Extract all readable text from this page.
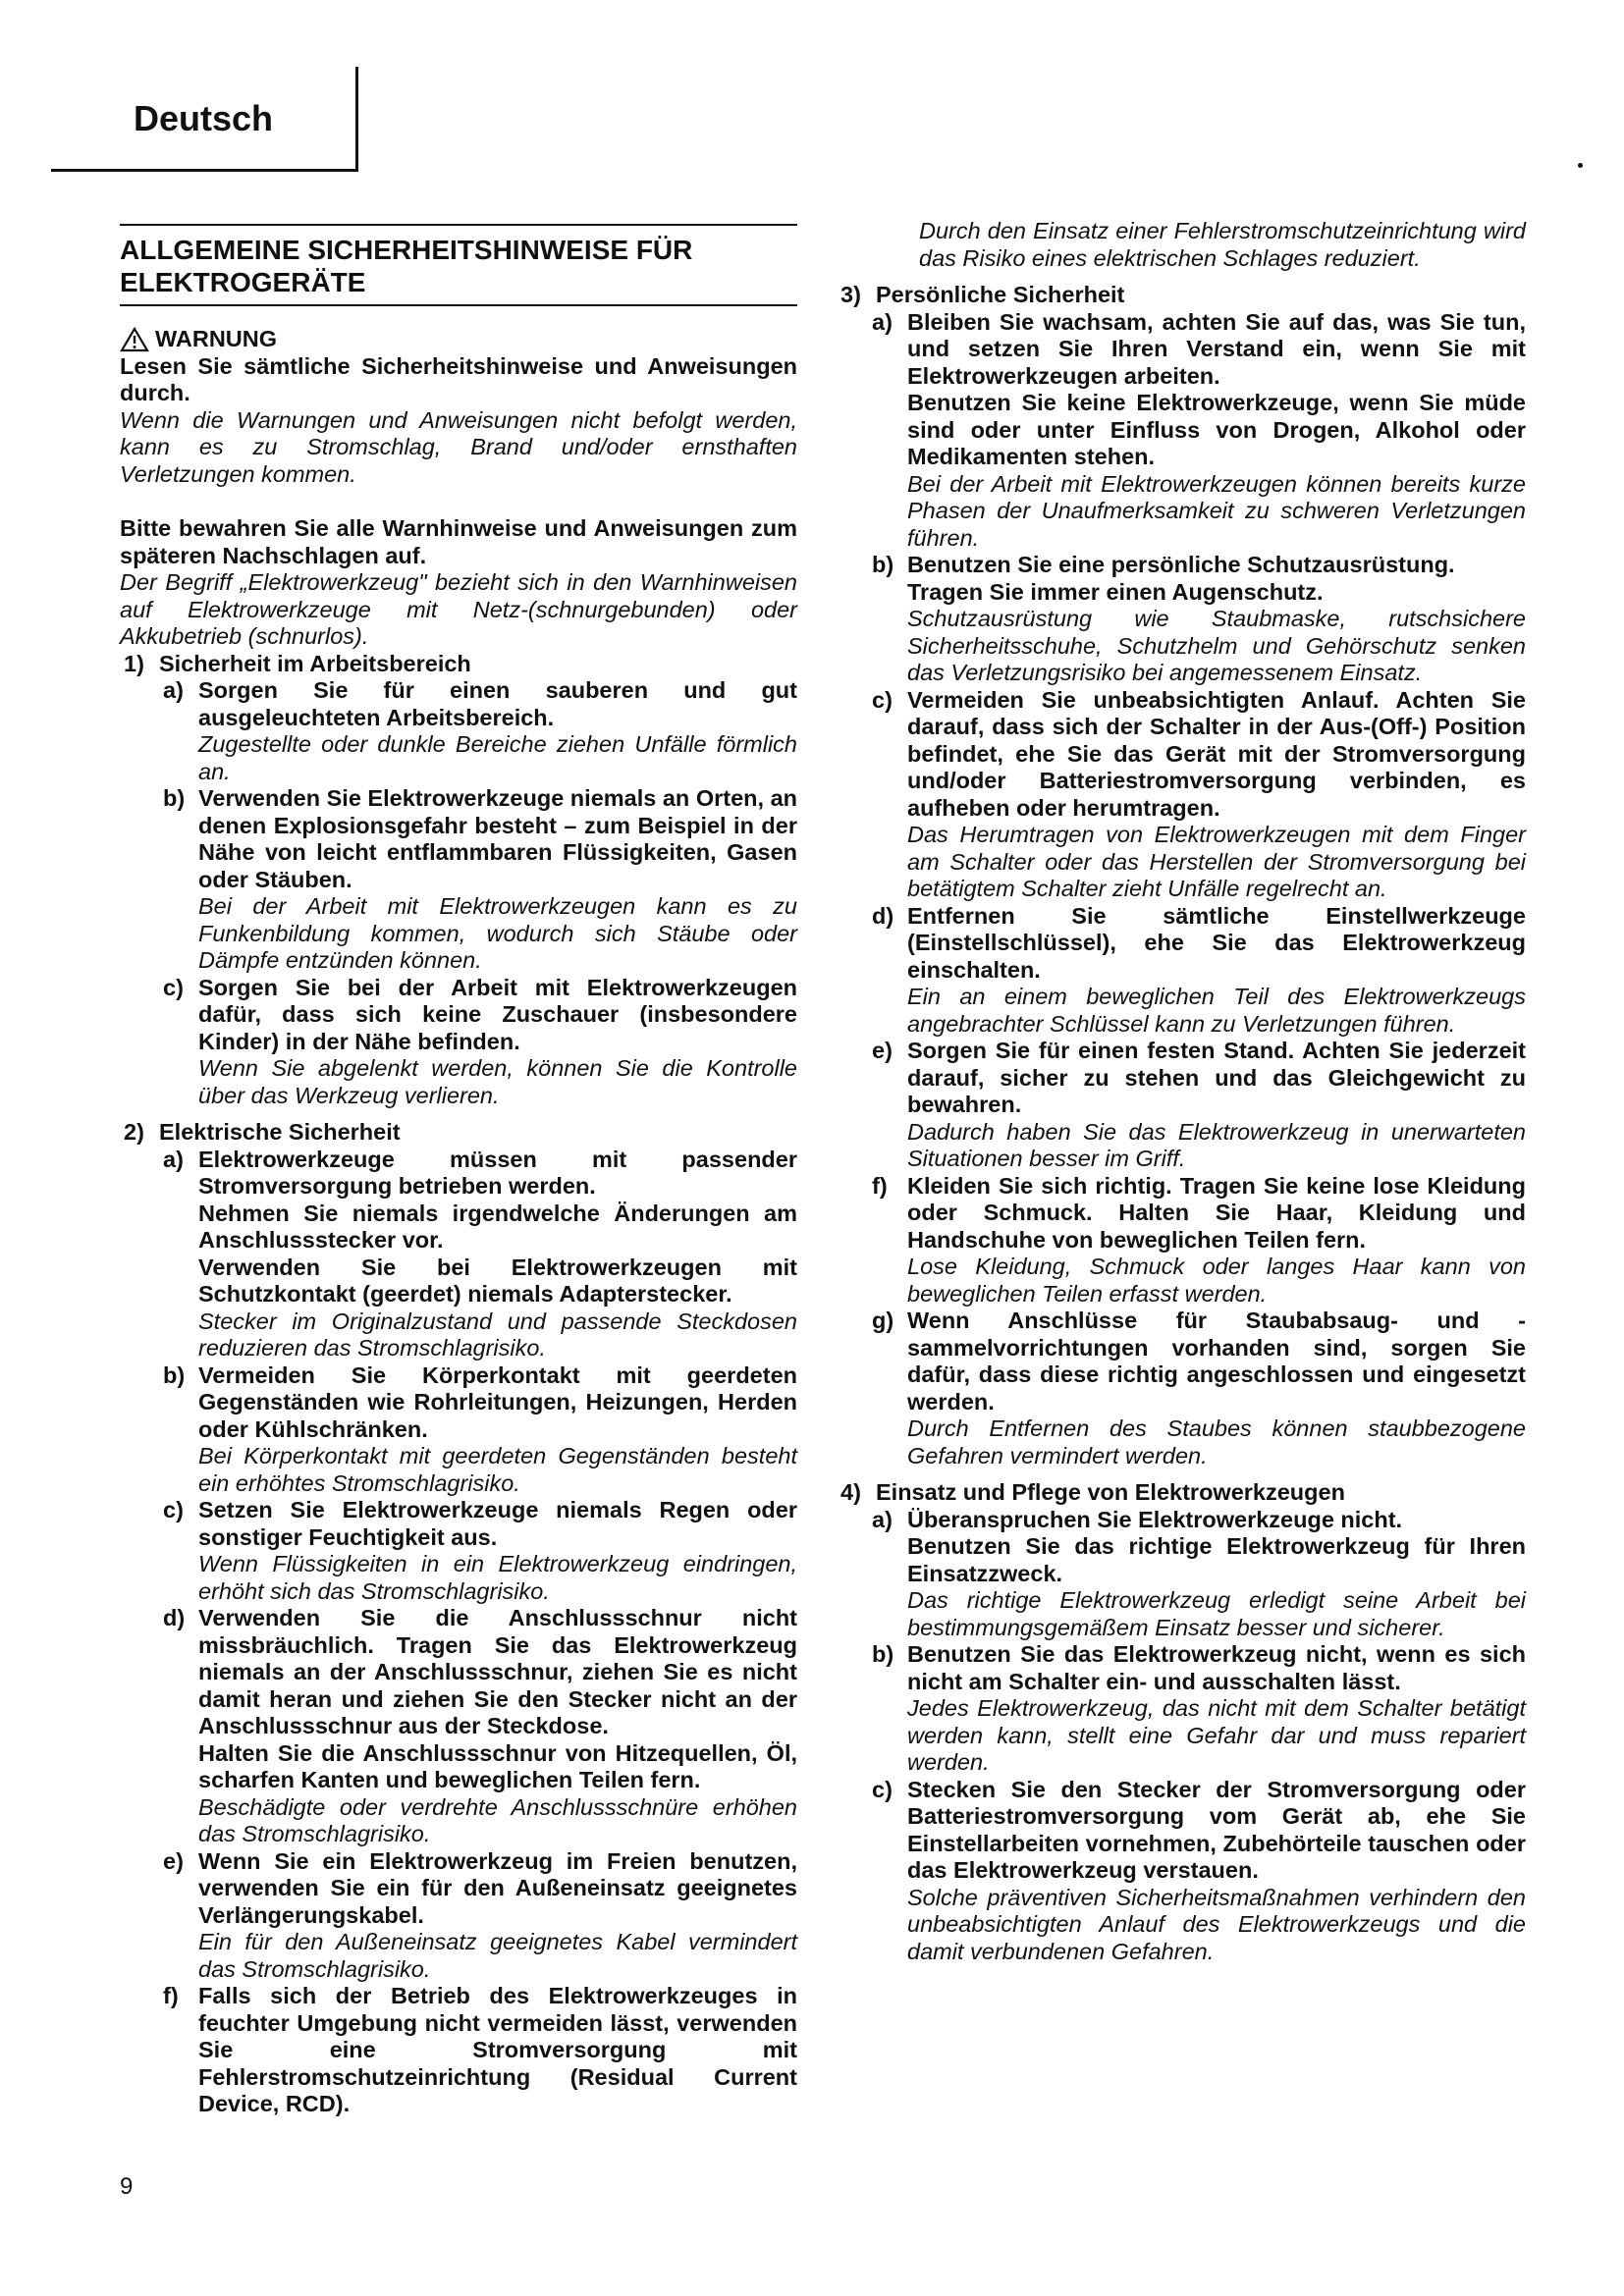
Deutsch
ALLGEMEINE SICHERHEITSHINWEISE FÜR
ELEKTROGERÄTE
WARNUNG
Lesen Sie sämtliche Sicherheitshinweise und Anweisungen durch.
Wenn die Warnungen und Anweisungen nicht befolgt werden, kann es zu Stromschlag, Brand und/oder ernsthaften Verletzungen kommen.
Bitte bewahren Sie alle Warnhinweise und Anweisungen zum späteren Nachschlagen auf.
Der Begriff „Elektrowerkzeug" bezieht sich in den Warnhinweisen auf Elektrowerkzeuge mit Netz-(schnurgebunden) oder Akkubetrieb (schnurlos).
1) Sicherheit im Arbeitsbereich
a) Sorgen Sie für einen sauberen und gut ausgeleuchteten Arbeitsbereich.
Zugestellte oder dunkle Bereiche ziehen Unfälle förmlich an.
b) Verwenden Sie Elektrowerkzeuge niemals an Orten, an denen Explosionsgefahr besteht – zum Beispiel in der Nähe von leicht entflammbaren Flüssigkeiten, Gasen oder Stäuben.
Bei der Arbeit mit Elektrowerkzeugen kann es zu Funkenbildung kommen, wodurch sich Stäube oder Dämpfe entzünden können.
c) Sorgen Sie bei der Arbeit mit Elektrowerkzeugen dafür, dass sich keine Zuschauer (insbesondere Kinder) in der Nähe befinden.
Wenn Sie abgelenkt werden, können Sie die Kontrolle über das Werkzeug verlieren.
2) Elektrische Sicherheit
a) Elektrowerkzeuge müssen mit passender Stromversorgung betrieben werden.
Nehmen Sie niemals irgendwelche Änderungen am Anschlussstecker vor.
Verwenden Sie bei Elektrowerkzeugen mit Schutzkontakt (geerdet) niemals Adapterstecker.
Stecker im Originalzustand und passende Steckdosen reduzieren das Stromschlagrisiko.
b) Vermeiden Sie Körperkontakt mit geerdeten Gegenständen wie Rohrleitungen, Heizungen, Herden oder Kühlschränken.
Bei Körperkontakt mit geerdeten Gegenständen besteht ein erhöhtes Stromschlagrisiko.
c) Setzen Sie Elektrowerkzeuge niemals Regen oder sonstiger Feuchtigkeit aus.
Wenn Flüssigkeiten in ein Elektrowerkzeug eindringen, erhöht sich das Stromschlagrisiko.
d) Verwenden Sie die Anschlussschnur nicht missbräuchlich. Tragen Sie das Elektrowerkzeug niemals an der Anschlussschnur, ziehen Sie es nicht damit heran und ziehen Sie den Stecker nicht an der Anschlussschnur aus der Steckdose.
Halten Sie die Anschlussschnur von Hitzequellen, Öl, scharfen Kanten und beweglichen Teilen fern.
Beschädigte oder verdrehte Anschlussschnüre erhöhen das Stromschlagrisiko.
e) Wenn Sie ein Elektrowerkzeug im Freien benutzen, verwenden Sie ein für den Außeneinsatz geeignetes Verlängerungskabel.
Ein für den Außeneinsatz geeignetes Kabel vermindert das Stromschlagrisiko.
f) Falls sich der Betrieb des Elektrowerkzeuges in feuchter Umgebung nicht vermeiden lässt, verwenden Sie eine Stromversorgung mit Fehlerstromschutzeinrichtung (Residual Current Device, RCD).
Durch den Einsatz einer Fehlerstromschutzeinrichtung wird das Risiko eines elektrischen Schlages reduziert.
3) Persönliche Sicherheit
a) Bleiben Sie wachsam, achten Sie auf das, was Sie tun, und setzen Sie Ihren Verstand ein, wenn Sie mit Elektrowerkzeugen arbeiten.
Benutzen Sie keine Elektrowerkzeuge, wenn Sie müde sind oder unter Einfluss von Drogen, Alkohol oder Medikamenten stehen.
Bei der Arbeit mit Elektrowerkzeugen können bereits kurze Phasen der Unaufmerksamkeit zu schweren Verletzungen führen.
b) Benutzen Sie eine persönliche Schutzausrüstung.
Tragen Sie immer einen Augenschutz.
Schutzausrüstung wie Staubmaske, rutschsichere Sicherheitsschuhe, Schutzhelm und Gehörschutz senken das Verletzungsrisiko bei angemessenem Einsatz.
c) Vermeiden Sie unbeabsichtigten Anlauf. Achten Sie darauf, dass sich der Schalter in der Aus-(Off-) Position befindet, ehe Sie das Gerät mit der Stromversorgung und/oder Batteriestromversorgung verbinden, es aufheben oder herumtragen.
Das Herumtragen von Elektrowerkzeugen mit dem Finger am Schalter oder das Herstellen der Stromversorgung bei betätigtem Schalter zieht Unfälle regelrecht an.
d) Entfernen Sie sämtliche Einstellwerkzeuge (Einstellschlüssel), ehe Sie das Elektrowerkzeug einschalten.
Ein an einem beweglichen Teil des Elektrowerkzeugs angebrachter Schlüssel kann zu Verletzungen führen.
e) Sorgen Sie für einen festen Stand. Achten Sie jederzeit darauf, sicher zu stehen und das Gleichgewicht zu bewahren.
Dadurch haben Sie das Elektrowerkzeug in unerwarteten Situationen besser im Griff.
f) Kleiden Sie sich richtig. Tragen Sie keine lose Kleidung oder Schmuck. Halten Sie Haar, Kleidung und Handschuhe von beweglichen Teilen fern.
Lose Kleidung, Schmuck oder langes Haar kann von beweglichen Teilen erfasst werden.
g) Wenn Anschlüsse für Staubabsaug- und -sammelvorrichtungen vorhanden sind, sorgen Sie dafür, dass diese richtig angeschlossen und eingesetzt werden.
Durch Entfernen des Staubes können staubbezogene Gefahren vermindert werden.
4) Einsatz und Pflege von Elektrowerkzeugen
a) Überanspruchen Sie Elektrowerkzeuge nicht.
Benutzen Sie das richtige Elektrowerkzeug für Ihren Einsatzzweck.
Das richtige Elektrowerkzeug erledigt seine Arbeit bei bestimmungsgemäßem Einsatz besser und sicherer.
b) Benutzen Sie das Elektrowerkzeug nicht, wenn es sich nicht am Schalter ein- und ausschalten lässt.
Jedes Elektrowerkzeug, das nicht mit dem Schalter betätigt werden kann, stellt eine Gefahr dar und muss repariert werden.
c) Stecken Sie den Stecker der Stromversorgung oder Batteriestromversorgung vom Gerät ab, ehe Sie Einstellarbeiten vornehmen, Zubehörteile tauschen oder das Elektrowerkzeug verstauen.
Solche präventiven Sicherheitsmaßnahmen verhindern den unbeabsichtigten Anlauf des Elektrowerkzeugs und die damit verbundenen Gefahren.
9
